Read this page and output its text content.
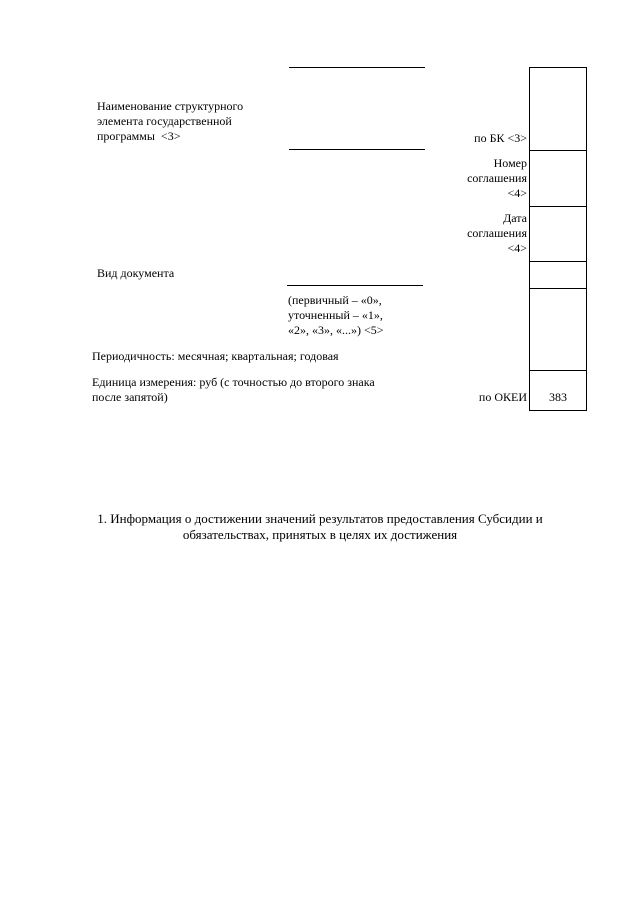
Наименование структурного
элемента государственной
программы  <3>
Вид документа
(первичный – «0»,
уточненный – «1»,
«2», «3», «...») <5>
Периодичность: месячная; квартальная; годовая
Единица измерения: руб (с точностью до второго знака
после запятой)
по БК <3>
Номер
соглашения
<4>
Дата
соглашения
<4>
по ОКЕИ	383
1. Информация о достижении значений результатов предоставления Субсидии и
обязательствах, принятых в целях их достижения
